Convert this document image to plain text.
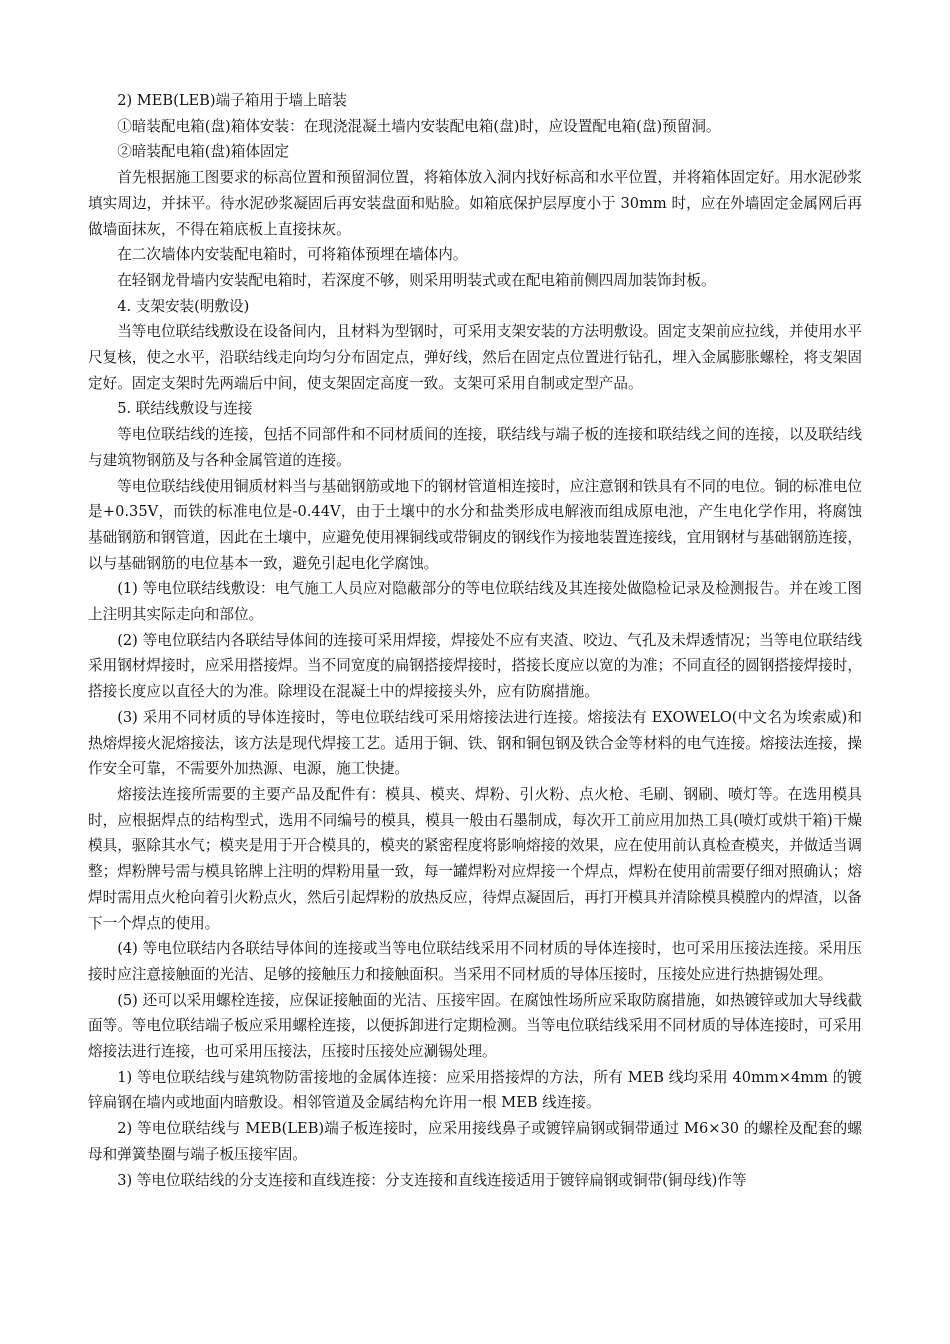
2) MEB(LEB)端子箱用于墙上暗装

①暗装配电箱(盘)箱体安装：在现浇混凝土墙内安装配电箱(盘)时，应设置配电箱(盘)预留洞。

②暗装配电箱(盘)箱体固定

首先根据施工图要求的标高位置和预留洞位置，将箱体放入洞内找好标高和水平位置，并将箱体固定好。用水泥砂浆填实周边，并抹平。待水泥砂浆凝固后再安装盘面和贴脸。如箱底保护层厚度小于 30mm 时，应在外墙固定金属网后再做墙面抹灰，不得在箱底板上直接抹灰。

在二次墙体内安装配电箱时，可将箱体预埋在墙体内。

在轻钢龙骨墙内安装配电箱时，若深度不够，则采用明装式或在配电箱前侧四周加装饰封板。

4. 支架安装(明敷设)

当等电位联结线敷设在设备间内，且材料为型钢时，可采用支架安装的方法明敷设。固定支架前应拉线，并使用水平尺复核，使之水平，沿联结线走向均匀分布固定点，弹好线，然后在固定点位置进行钻孔，埋入金属膨胀螺栓，将支架固定好。固定支架时先两端后中间，使支架固定高度一致。支架可采用自制或定型产品。

5. 联结线敷设与连接

等电位联结线的连接，包括不同部件和不同材质间的连接，联结线与端子板的连接和联结线之间的连接，以及联结线与建筑物钢筋及与各种金属管道的连接。

等电位联结线使用铜质材料当与基础钢筋或地下的钢材管道相连接时，应注意钢和铁具有不同的电位。铜的标准电位是+0.35V，而铁的标准电位是-0.44V，由于土壤中的水分和盐类形成电解液而组成原电池，产生电化学作用，将腐蚀基础钢筋和钢管道，因此在土壤中，应避免使用裸铜线或带铜皮的钢线作为接地装置连接线，宜用钢材与基础钢筋连接，以与基础钢筋的电位基本一致，避免引起电化学腐蚀。

(1) 等电位联结线敷设：电气施工人员应对隐蔽部分的等电位联结线及其连接处做隐检记录及检测报告。并在竣工图上注明其实际走向和部位。

(2) 等电位联结内各联结导体间的连接可采用焊接，焊接处不应有夹渣、咬边、气孔及未焊透情况；当等电位联结线采用钢材焊接时，应采用搭接焊。当不同宽度的扁钢搭接焊接时，搭接长度应以宽的为准；不同直径的圆钢搭接焊接时，搭接长度应以直径大的为准。除埋设在混凝土中的焊接接头外，应有防腐措施。

(3) 采用不同材质的导体连接时，等电位联结线可采用熔接法进行连接。熔接法有 EXOWELO(中文名为埃索威)和热熔焊接火泥熔接法，该方法是现代焊接工艺。适用于铜、铁、钢和铜包钢及铁合金等材料的电气连接。熔接法连接，操作安全可靠，不需要外加热源、电源，施工快捷。

熔接法连接所需要的主要产品及配件有：模具、模夹、焊粉、引火粉、点火枪、毛刷、钢刷、喷灯等。在选用模具时，应根据焊点的结构型式，选用不同编号的模具，模具一般由石墨制成，每次开工前应用加热工具(喷灯或烘干箱)干燥模具，驱除其水气；模夹是用于开合模具的，模夹的紧密程度将影响熔接的效果，应在使用前认真检查模夹，并做适当调整；焊粉牌号需与模具铭牌上注明的焊粉用量一致，每一罐焊粉对应焊接一个焊点，焊粉在使用前需要仔细对照确认；熔焊时需用点火枪向着引火粉点火，然后引起焊粉的放热反应，待焊点凝固后，再打开模具并清除模具模膛内的焊渣，以备下一个焊点的使用。

(4) 等电位联结内各联结导体间的连接或当等电位联结线采用不同材质的导体连接时，也可采用压接法连接。采用压接时应注意接触面的光洁、足够的接触压力和接触面积。当采用不同材质的导体压接时，压接处应进行热搪锡处理。

(5) 还可以采用螺栓连接，应保证接触面的光洁、压接牢固。在腐蚀性场所应采取防腐措施，如热镀锌或加大导线截面等。等电位联结端子板应采用螺栓连接，以便拆卸进行定期检测。当等电位联结线采用不同材质的导体连接时，可采用熔接法进行连接，也可采用压接法，压接时压接处应涮锡处理。

1) 等电位联结线与建筑物防雷接地的金属体连接：应采用搭接焊的方法，所有 MEB 线均采用 40mm×4mm 的镀锌扁钢在墙内或地面内暗敷设。相邻管道及金属结构允许用一根 MEB 线连接。

2) 等电位联结线与 MEB(LEB)端子板连接时，应采用接线鼻子或镀锌扁钢或铜带通过 M6×30 的螺栓及配套的螺母和弹簧垫圈与端子板压接牢固。

3) 等电位联结线的分支连接和直线连接：分支连接和直线连接适用于镀锌扁钢或铜带(铜母线)作等
